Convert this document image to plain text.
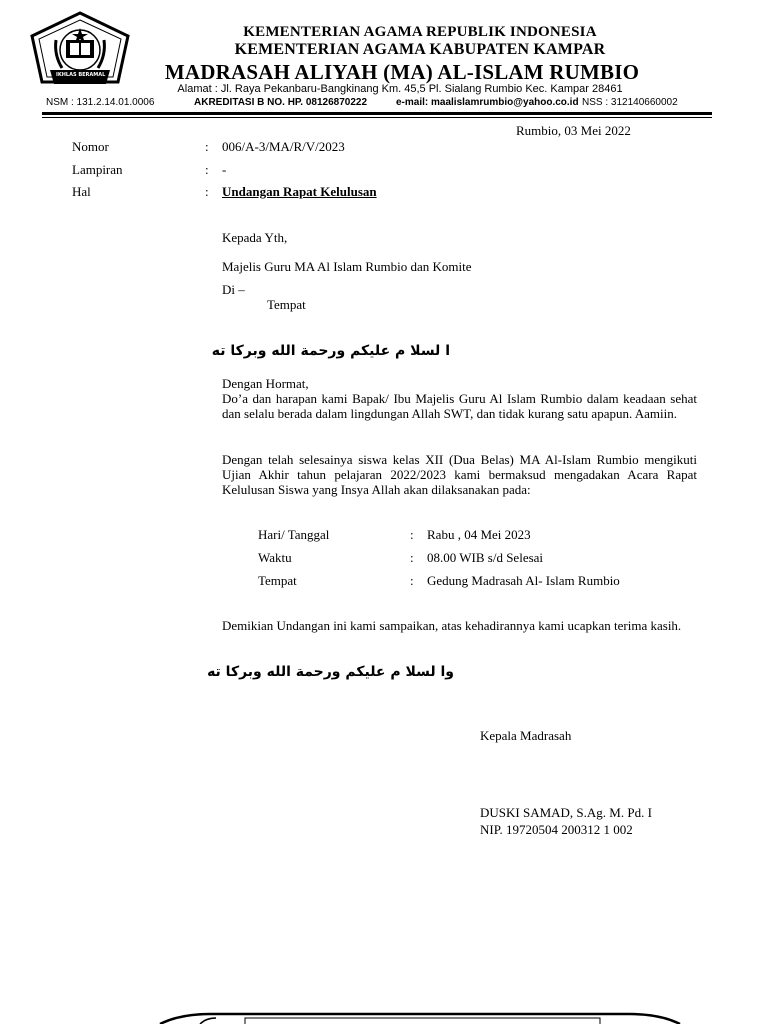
IKHLAS BERAMAL
KEMENTERIAN AGAMA REPUBLIK INDONESIA
KEMENTERIAN AGAMA KABUPATEN KAMPAR
MADRASAH ALIYAH (MA) AL-ISLAM RUMBIO
Alamat : Jl. Raya Pekanbaru-Bangkinang Km. 45,5 Pl. Sialang Rumbio Kec. Kampar 28461
NSM : 131.2.14.01.0006	AKREDITASI B NO. HP. 08126870222	e-mail: maalislamrumbio@yahoo.co.id NSS : 312140660002
Rumbio, 03 Mei 2022
Nomor	: 006/A-3/MA/R/V/2023
Lampiran	: -
Hal	: Undangan Rapat Kelulusan
Kepada Yth,
Majelis Guru MA Al Islam Rumbio dan Komite
Di –
Tempat
ا لسلا م عليكم ورحمة الله وبركا ته
Dengan Hormat,
Do’a dan harapan kami Bapak/ Ibu Majelis Guru Al Islam Rumbio dalam keadaan sehat dan selalu berada dalam lingdungan Allah SWT, dan tidak kurang satu apapun. Aamiin.
Dengan telah selesainya siswa kelas XII (Dua Belas) MA Al-Islam Rumbio mengikuti Ujian Akhir tahun pelajaran 2022/2023 kami bermaksud mengadakan Acara Rapat Kelulusan Siswa yang Insya Allah akan dilaksanakan pada:
Hari/ Tanggal	: Rabu , 04 Mei 2023
Waktu	: 08.00 WIB s/d Selesai
Tempat	: Gedung Madrasah Al- Islam Rumbio
Demikian Undangan ini kami sampaikan, atas kehadirannya kami ucapkan terima kasih.
وا لسلا م عليكم ورحمة الله وبركا ته
Kepala Madrasah
DUSKI SAMAD, S.Ag. M. Pd. I
NIP. 19720504 200312 1 002
